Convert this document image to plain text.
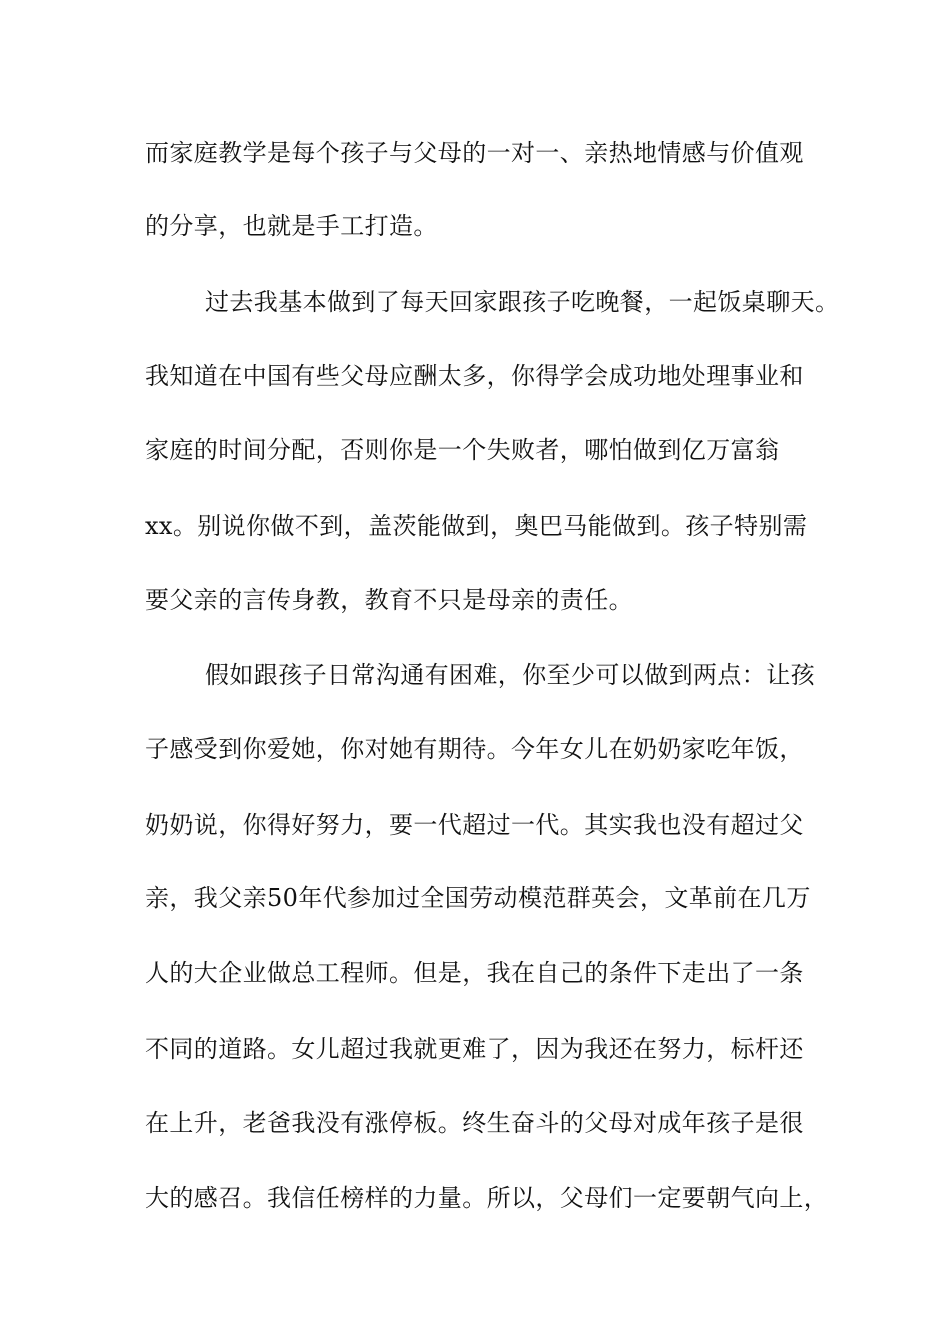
而家庭教学是每个孩子与父母的一对一、亲热地情感与价值观
的分享，也就是手工打造。
过去我基本做到了每天回家跟孩子吃晚餐，一起饭桌聊天。
我知道在中国有些父母应酬太多，你得学会成功地处理事业和
家庭的时间分配，否则你是一个失败者，哪怕做到亿万富翁
xx。别说你做不到，盖茨能做到，奥巴马能做到。孩子特别需
要父亲的言传身教，教育不只是母亲的责任。
假如跟孩子日常沟通有困难，你至少可以做到两点：让孩
子感受到你爱她，你对她有期待。今年女儿在奶奶家吃年饭，
奶奶说，你得好努力，要一代超过一代。其实我也没有超过父
亲，我父亲50年代参加过全国劳动模范群英会，文革前在几万
人的大企业做总工程师。但是，我在自己的条件下走出了一条
不同的道路。女儿超过我就更难了，因为我还在努力，标杆还
在上升，老爸我没有涨停板。终生奋斗的父母对成年孩子是很
大的感召。我信任榜样的力量。所以，父母们一定要朝气向上，
